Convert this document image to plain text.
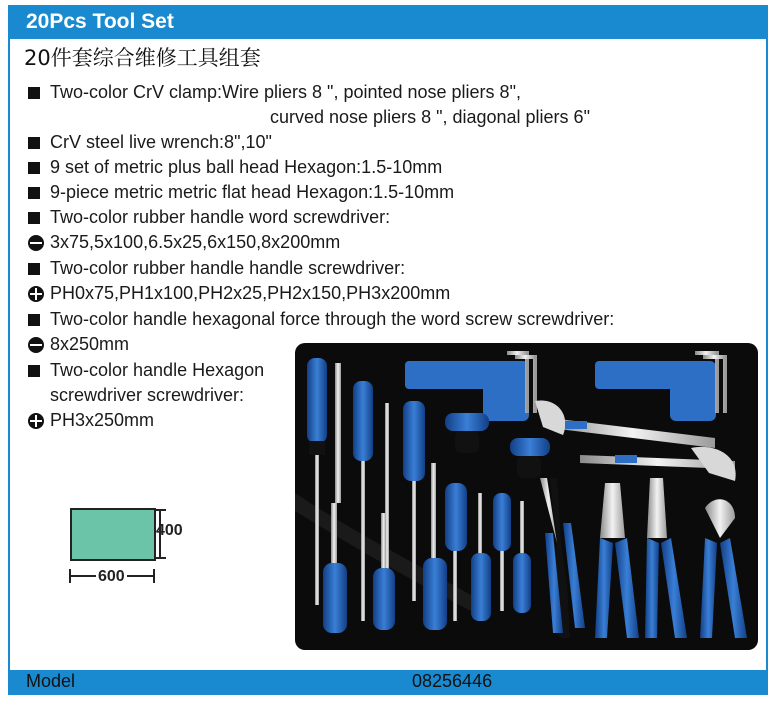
20Pcs Tool Set
20件套综合维修工具组套
Two-color CrV clamp:Wire pliers 8 ", pointed nose pliers 8",
curved nose pliers 8 ", diagonal pliers 6"
CrV steel live wrench:8",10"
9 set of metric plus ball head Hexagon:1.5-10mm
9-piece metric metric flat head Hexagon:1.5-10mm
Two-color rubber handle word screwdriver:
3x75,5x100,6.5x25,6x150,8x200mm
Two-color rubber handle handle screwdriver:
PH0x75,PH1x100,PH2x25,PH2x150,PH3x200mm
Two-color handle hexagonal force through the word screw screwdriver:
8x250mm
Two-color handle Hexagon screwdriver screwdriver:
PH3x250mm
400
600
Model	08256446
